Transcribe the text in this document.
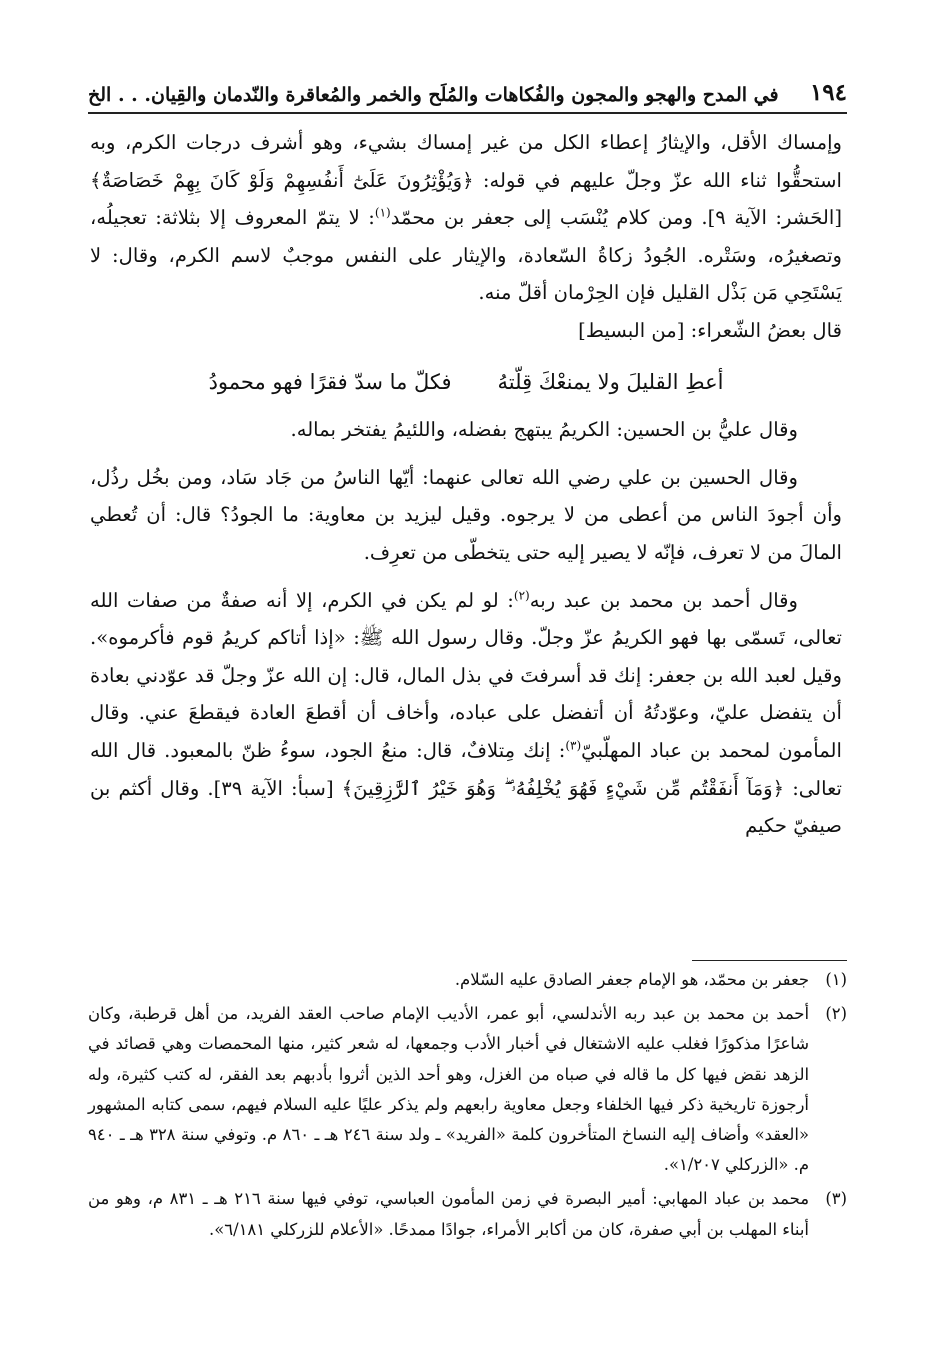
١٩٤
في المدح والهجو والمجون والفُكاهات والمُلَح والخمر والمُعاقرة والنّدمان والقِيان. . . الخ

وإمساك الأقل، والإيثارُ إعطاء الكل من غير إمساك بشيء، وهو أشرف درجات الكرم، وبه استحقُّوا ثناء الله عزّ وجلّ عليهم في قوله: ﴿وَيُؤْثِرُونَ عَلَىٰٓ أَنفُسِهِمْ وَلَوْ كَانَ بِهِمْ خَصَاصَةٌ﴾ [الحَشر: الآية ٩]. ومن كلام يُنْسَب إلى جعفر بن محمّد$^{(١)}$: لا يتمّ المعروف إلا بثلاثة: تعجيلُه، وتصغيرُه، وسَتْره. الجُودُ زكاةُ السّعادة، والإيثار على النفس موجبٌ لاسم الكرم، وقال: لا يَسْتَحِي مَن بَذْل القليل فإن الحِرْمان أقلّ منه.

قال بعضُ الشّعراء: [من البسيط]

أعطِ القليلَ ولا يمنعْكَ قِلّتهُ
فكلّ ما سدّ فقرًا فهو محمودُ

وقال عليُّ بن الحسين: الكريمُ يبتهج بفضله، واللئيمُ يفتخر بماله.

وقال الحسين بن علي رضي الله تعالى عنهما: أيّها الناسُ من جَاد سَاد، ومن بخُل رذُل، وأن أجودَ الناس من أعطى من لا يرجوه. وقيل ليزيد بن معاوية: ما الجودُ؟ قال: أن تُعطي المالَ من لا تعرف، فإنّه لا يصير إليه حتى يتخطّى من تعرِف.

وقال أحمد بن محمد بن عبد ربه$^{(٢)}$: لو لم يكن في الكرم، إلا أنه صفةٌ من صفات الله تعالى، تَسمّى بها فهو الكريمُ عزّ وجلّ. وقال رسول الله ﷺ: «إذا أتاكم كريمُ قوم فأكرموه». وقيل لعبد الله بن جعفر: إنك قد أسرفتَ في بذل المال، قال: إن الله عزّ وجلّ قد عوّدني بعادة أن يتفضل عليّ، وعوّدتُهُ أن أتفضل على عباده، وأخاف أن أقطعَ العادة فيقطعَ عني. وقال المأمون لمحمد بن عباد المهلّبيّ$^{(٣)}$: إنك مِتلافٌ، قال: منعُ الجود، سوءُ ظنّ بالمعبود. قال الله تعالى: ﴿وَمَآ أَنفَقْتُم مِّن شَيْءٍ فَهُوَ يُخْلِفُهُۥ ۖ وَهُوَ خَيْرُ ٱلرَّٰزِقِينَ﴾ [سبأ: الآية ٣٩]. وقال أكثم بن صيفيّ حكيم

(١)
جعفر بن محمّد، هو الإمام جعفر الصادق عليه السّلام.
(٢)
أحمد بن محمد بن عبد ربه الأندلسي، أبو عمر، الأديب الإمام صاحب العقد الفريد، من أهل قرطبة، وكان شاعرًا مذكورًا فغلب عليه الاشتغال في أخبار الأدب وجمعها، له شعر كثير، منها المحمصات وهي قصائد في الزهد نقض فيها كل ما قاله في صباه من الغزل، وهو أحد الذين أثروا بأدبهم بعد الفقر، له كتب كثيرة، وله أرجوزة تاريخية ذكر فيها الخلفاء وجعل معاوية رابعهم ولم يذكر عليًا عليه السلام فيهم، سمى كتابه المشهور «العقد» وأضاف إليه النساخ المتأخرون كلمة «الفريد» ـ ولد سنة ٢٤٦ هـ ـ ٨٦٠ م. وتوفي سنة ٣٢٨ هـ ـ ٩٤٠ م. «الزركلي ١/٢٠٧».
(٣)
محمد بن عباد المهابي: أمير البصرة في زمن المأمون العباسي، توفي فيها سنة ٢١٦ هـ ـ ٨٣١ م، وهو من أبناء المهلب بن أبي صفرة، كان من أكابر الأمراء، جوادًا ممدحًا. «الأعلام للزركلي ٦/١٨١».
